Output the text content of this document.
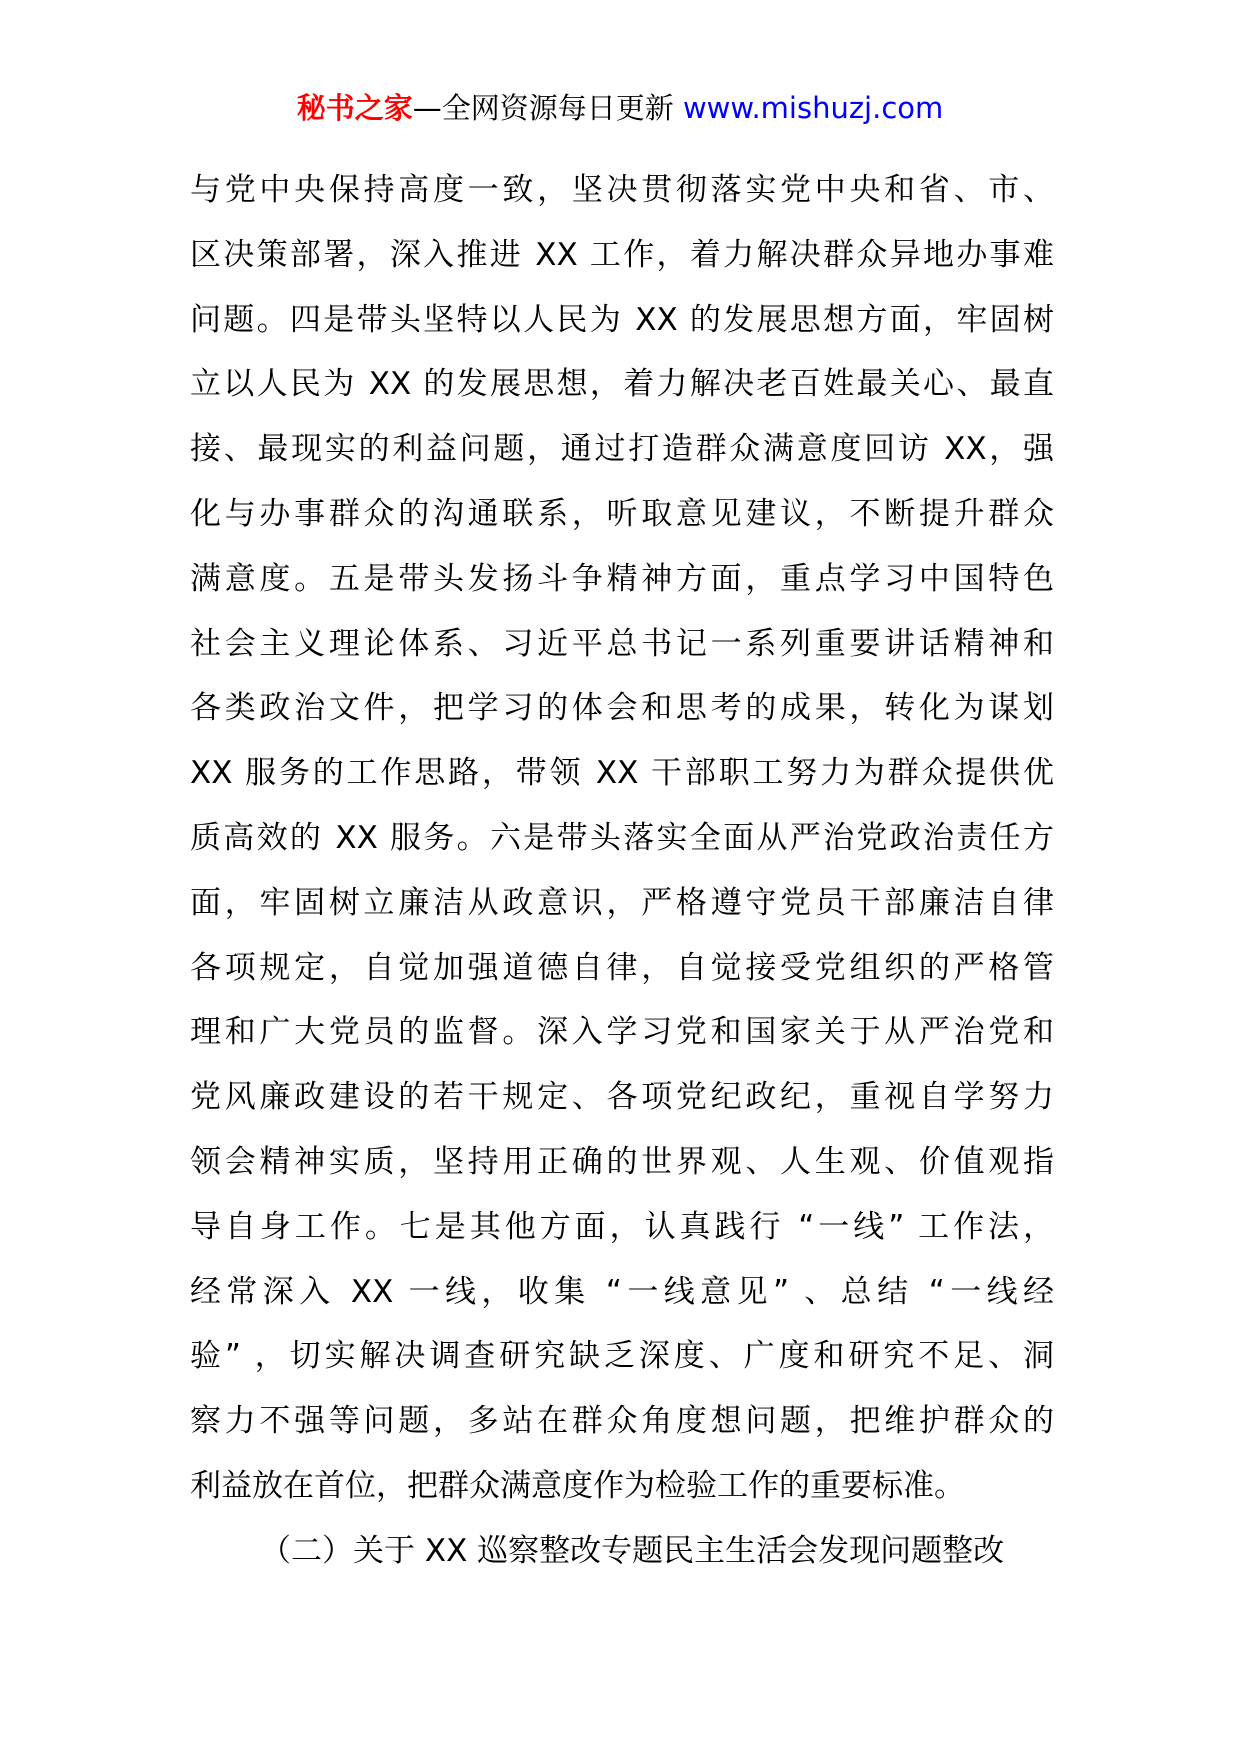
秘书之家—全网资源每日更新 www.mishuzj.com
与党中央保持高度一致，坚决贯彻落实党中央和省、市、
区决策部署，深入推进 XX 工作，着力解决群众异地办事难
问题。四是带头坚特以人民为 XX 的发展思想方面，牢固树
立以人民为 XX 的发展思想，着力解决老百姓最关心、最直
接、最现实的利益问题，通过打造群众满意度回访 XX，强
化与办事群众的沟通联系，听取意见建议，不断提升群众
满意度。五是带头发扬斗争精神方面，重点学习中国特色
社会主义理论体系、习近平总书记一系列重要讲话精神和
各类政治文件，把学习的体会和思考的成果，转化为谋划
XX 服务的工作思路，带领 XX 干部职工努力为群众提供优
质高效的 XX 服务。六是带头落实全面从严治党政治责任方
面，牢固树立廉洁从政意识，严格遵守党员干部廉洁自律
各项规定，自觉加强道德自律，自觉接受党组织的严格管
理和广大党员的监督。深入学习党和国家关于从严治党和
党风廉政建设的若干规定、各项党纪政纪，重视自学努力
领会精神实质，坚持用正确的世界观、人生观、价值观指
导自身工作。七是其他方面，认真践行 “一线” 工作法，
经常深入 XX 一线，收集 “一线意见” 、总结 “一线经
验” ，切实解决调查研究缺乏深度、广度和研究不足、洞
察力不强等问题，多站在群众角度想问题，把维护群众的
利益放在首位，把群众满意度作为检验工作的重要标准。
（二）关于 XX 巡察整改专题民主生活会发现问题整改
